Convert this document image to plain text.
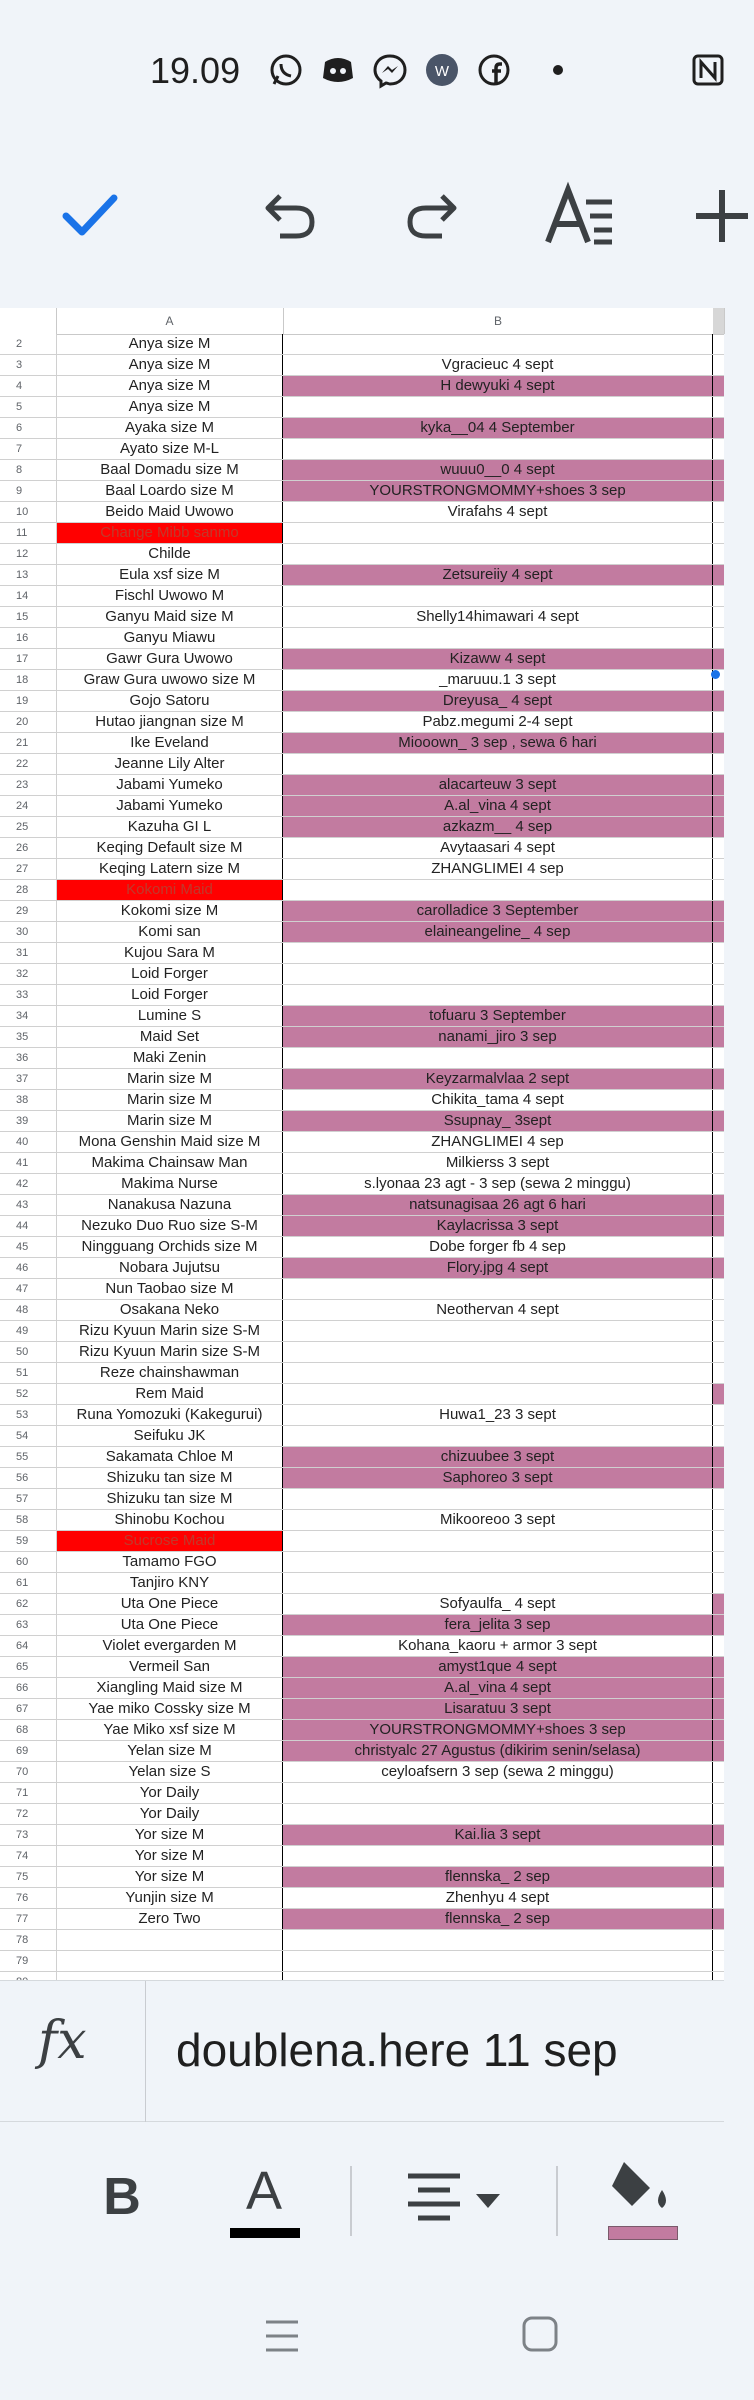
19.09	W
A	B
2	Anya size M
3	Anya size M	Vgracieuc 4 sept
4	Anya size M	H dewyuki 4 sept
5	Anya size M
6	Ayaka size M	kyka__04 4 September
7	Ayato size M-L
8	Baal Domadu size M	wuuu0__0 4 sept
9	Baal Loardo size M	YOURSTRONGMOMMY+shoes 3 sep
10	Beido Maid Uwowo	Virafahs 4 sept
11	Change Mibb sanmo
12	Childe
13	Eula xsf size M	Zetsureiiy 4 sept
14	Fischl Uwowo M
15	Ganyu Maid size M	Shelly14himawari 4 sept
16	Ganyu Miawu
17	Gawr Gura Uwowo	Kizaww 4 sept
18	Graw Gura uwowo size M	_maruuu.1 3 sept
19	Gojo Satoru	Dreyusa_ 4 sept
20	Hutao jiangnan size M	Pabz.megumi 2-4 sept
21	Ike Eveland	Miooown_ 3 sep , sewa 6 hari
22	Jeanne Lily Alter
23	Jabami Yumeko	alacarteuw 3 sept
24	Jabami Yumeko	A.al_vina 4 sept
25	Kazuha GI L	azkazm__ 4 sep
26	Keqing Default size M	Avytaasari 4 sept
27	Keqing Latern size M	ZHANGLIMEI 4 sep
28	Kokomi Maid
29	Kokomi size M	carolladice 3 September
30	Komi san	elaineangeline_ 4 sep
31	Kujou Sara M
32	Loid Forger
33	Loid Forger
34	Lumine S	tofuaru 3 September
35	Maid Set	nanami_jiro 3 sep
36	Maki Zenin
37	Marin size M	Keyzarmalvlaa 2 sept
38	Marin size M	Chikita_tama 4 sept
39	Marin size M	Ssupnay_ 3sept
40	Mona Genshin Maid size M	ZHANGLIMEI 4 sep
41	Makima Chainsaw Man	Milkierss 3 sept
42	Makima Nurse	s.lyonaa 23 agt - 3 sep (sewa 2 minggu)
43	Nanakusa Nazuna	natsunagisaa 26 agt 6 hari
44	Nezuko Duo Ruo size S-M	Kaylacrissa 3 sept
45	Ningguang Orchids size M	Dobe forger fb 4 sep
46	Nobara Jujutsu	Flory.jpg 4 sept
47	Nun Taobao size M
48	Osakana Neko	Neothervan 4 sept
49	Rizu Kyuun Marin size S-M
50	Rizu Kyuun Marin size S-M
51	Reze chainshawman
52	Rem Maid
53	Runa Yomozuki (Kakegurui)	Huwa1_23 3 sept
54	Seifuku JK
55	Sakamata Chloe M	chizuubee 3 sept
56	Shizuku tan size M	Saphoreo 3 sept
57	Shizuku tan size M
58	Shinobu Kochou	Mikooreoo 3 sept
59	Sucrose Maid
60	Tamamo FGO
61	Tanjiro KNY
62	Uta One Piece	Sofyaulfa_ 4 sept
63	Uta One Piece	fera_jelita 3 sep
64	Violet evergarden M	Kohana_kaoru + armor 3 sept
65	Vermeil San	amyst1que 4 sept
66	Xiangling Maid size M	A.al_vina 4 sept
67	Yae miko Cossky size M	Lisaratuu 3 sept
68	Yae Miko xsf size M	YOURSTRONGMOMMY+shoes 3 sep
69	Yelan size M	christyalc 27 Agustus (dikirim senin/selasa)
70	Yelan size S	ceyloafsern 3 sep (sewa 2 minggu)
71	Yor Daily
72	Yor Daily
73	Yor size M	Kai.lia 3 sept
74	Yor size M
75	Yor size M	flennska_ 2 sep
76	Yunjin size M	Zhenhyu 4 sept
77	Zero Two	flennska_ 2 sep
78
79
fx doublena.here 11 sep
B	A
